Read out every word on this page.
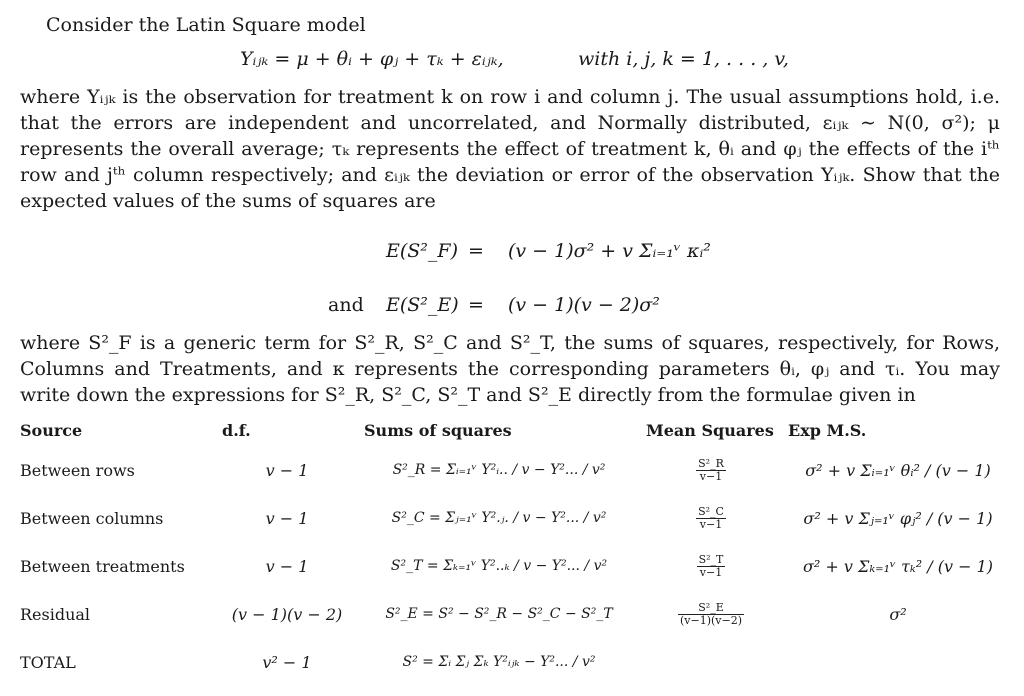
Consider the Latin Square model
Yᵢⱼₖ = μ + θᵢ + φⱼ + τₖ + εᵢⱼₖ,	with i, j, k = 1, . . . , v,
where Yᵢⱼₖ is the observation for treatment k on row i and column j. The usual assumptions hold, i.e. that the errors are independent and uncorrelated, and Normally distributed, εᵢⱼₖ ∼ N(0, σ²); μ represents the overall average; τₖ represents the effect of treatment k, θᵢ and φⱼ the effects of the iᵗʰ row and jᵗʰ column respectively; and εᵢⱼₖ the deviation or error of the observation Yᵢⱼₖ. Show that the expected values of the sums of squares are
E(S²_F) = (v − 1)σ² + v Σᵢ₌₁ᵛ κᵢ²
and E(S²_E) = (v − 1)(v − 2)σ²
where S²_F is a generic term for S²_R, S²_C and S²_T, the sums of squares, respectively, for Rows, Columns and Treatments, and κ represents the corresponding parameters θᵢ, φⱼ and τᵢ. You may write down the expressions for S²_R, S²_C, S²_T and S²_E directly from the formulae given in
Source	d.f.	Sums of squares	Mean Squares	Exp M.S.
Between rows	v − 1	S²_R = Σᵢ₌₁ᵛ Y²ᵢ.. / v − Y²... / v²	$\frac{\text{S²\_R}}{v-1}$	σ² + v Σᵢ₌₁ᵛ θᵢ² / (v − 1)
Between columns	v − 1	S²_C = Σⱼ₌₁ᵛ Y².ⱼ. / v − Y²... / v²	$\frac{\text{S²\_C}}{v-1}$	σ² + v Σⱼ₌₁ᵛ φⱼ² / (v − 1)
Between treatments	v − 1	S²_T = Σₖ₌₁ᵛ Y²..ₖ / v − Y²... / v²	$\frac{\text{S²\_T}}{v-1}$	σ² + v Σₖ₌₁ᵛ τₖ² / (v − 1)
Residual	(v − 1)(v − 2)	S²_E = S² − S²_R − S²_C − S²_T	$\frac{\text{S²\_E}}{(v-1)(v-2)}$	σ²
TOTAL	v² − 1	S² = Σᵢ Σⱼ Σₖ Y²ᵢⱼₖ − Y²... / v²		
